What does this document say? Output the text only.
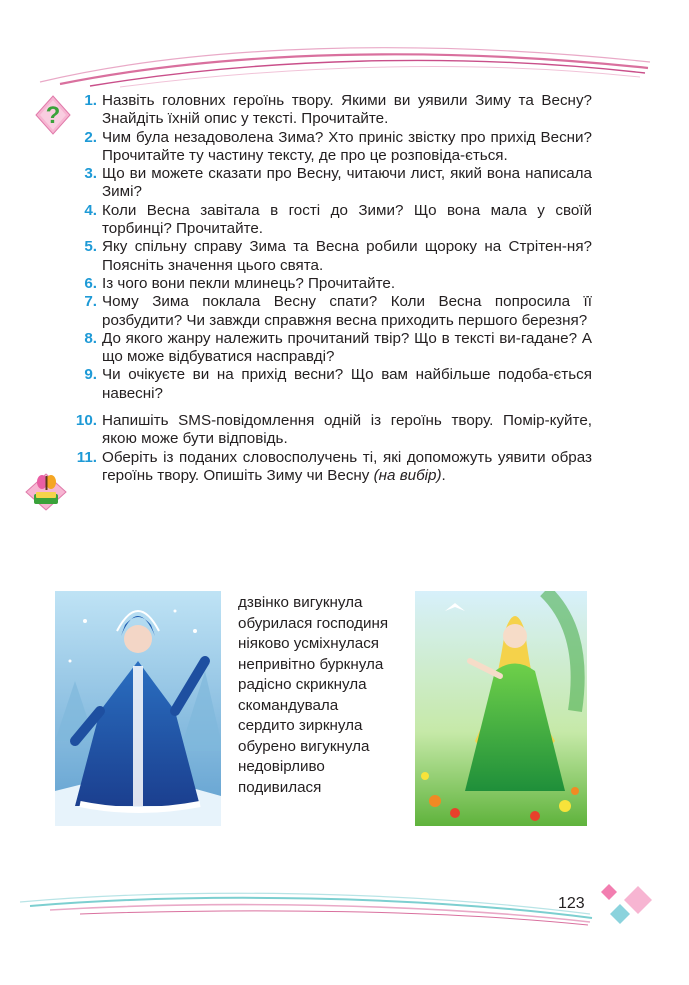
?
1. Назвіть головних героїнь твору. Якими ви уявили Зиму та Весну? Знайдіть їхній опис у тексті. Прочитайте.
2. Чим була незадоволена Зима? Хто приніс звістку про прихід Весни? Прочитайте ту частину тексту, де про це розповіда-ється.
3. Що ви можете сказати про Весну, читаючи лист, який вона написала Зимі?
4. Коли Весна завітала в гості до Зими? Що вона мала у своїй торбинці? Прочитайте.
5. Яку спільну справу Зима та Весна робили щороку на Стрітен-ня? Поясніть значення цього свята.
6. Із чого вони пекли млинець? Прочитайте.
7. Чому Зима поклала Весну спати? Коли Весна попросила її розбудити? Чи завжди справжня весна приходить першого березня?
8. До якого жанру належить прочитаний твір? Що в тексті ви-гадане? А що може відбуватися насправді?
9. Чи очікуєте ви на прихід весни? Що вам найбільше подоба-ється навесні?
10. Напишіть SMS-повідомлення одній із героїнь твору. Помір-куйте, якою може бути відповідь.
11. Оберіть із поданих словосполучень ті, які допоможуть уявити образ героїнь твору. Опишіть Зиму чи Весну (на вибір).
дзвінко вигукнула
обурилася господиня
ніяково усміхнулася
непривітно буркнула
радісно скрикнула
скомандувала
сердито зиркнула
обурено вигукнула
недовірливо
подивилася
123
